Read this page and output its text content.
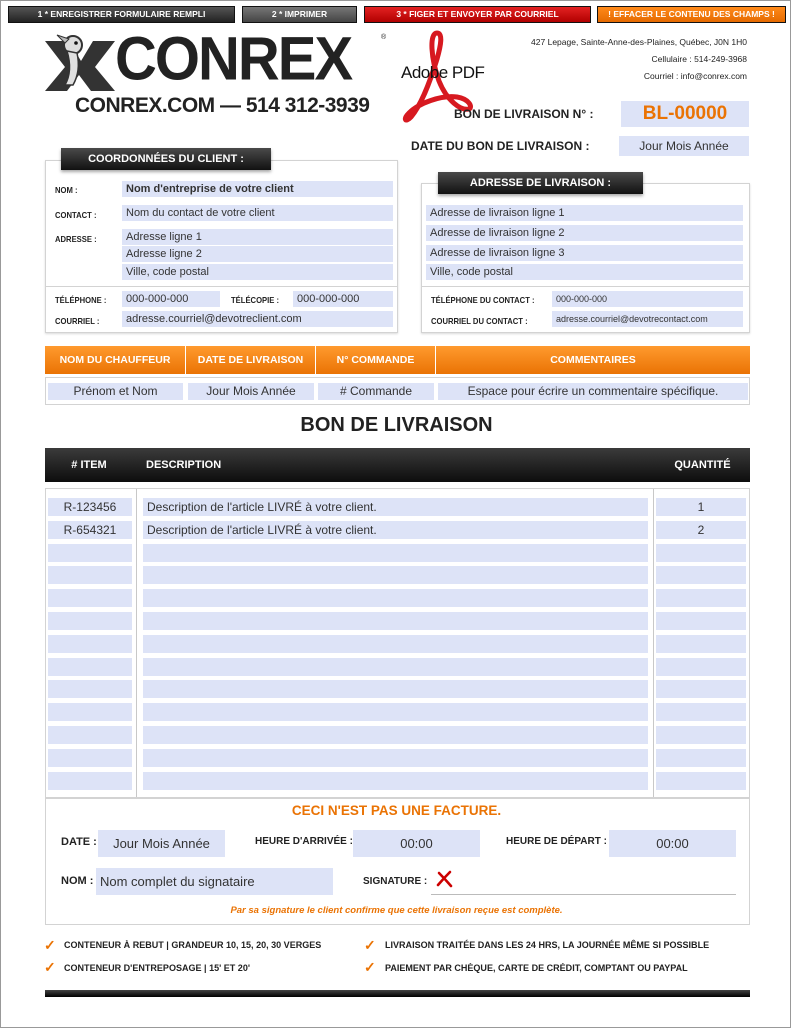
1 * ENREGISTRER FORMULAIRE REMPLI	2 * IMPRIMER	3 * FIGER ET ENVOYER PAR COURRIEL	! EFFACER LE CONTENU DES CHAMPS !
CONREX	®
CONREX.COM — 514 312-3939
Adobe PDF
427 Lepage, Sainte-Anne-des-Plaines, Québec, J0N 1H0
Cellulaire : 514-249-3968
Courriel : info@conrex.com
BON DE LIVRAISON N° :	BL-00000
DATE DU BON DE LIVRAISON :	Jour Mois Année
COORDONNÉES DU CLIENT :
NOM :	Nom d'entreprise de votre client
CONTACT :	Nom du contact de votre client
ADRESSE :	Adresse ligne 1
Adresse ligne 2
Ville, code postal
TÉLÉPHONE :	000-000-000	TÉLÉCOPIE :	000-000-000
COURRIEL :	adresse.courriel@devotreclient.com
ADRESSE DE LIVRAISON :
Adresse de livraison ligne 1
Adresse de livraison ligne 2
Adresse de livraison ligne 3
Ville, code postal
TÉLÉPHONE DU CONTACT :	000-000-000
COURRIEL DU CONTACT :	adresse.courriel@devotrecontact.com
NOM DU CHAUFFEUR	DATE DE LIVRAISON	N° COMMANDE	COMMENTAIRES
Prénom et Nom	Jour Mois Année	# Commande	Espace pour écrire un commentaire spécifique.
BON DE LIVRAISON
# ITEM	DESCRIPTION	QUANTITÉ
R-123456	Description de l'article LIVRÉ à votre client.	1
R-654321	Description de l'article LIVRÉ à votre client.	2
CECI N'EST PAS UNE FACTURE.
DATE :	Jour Mois Année	HEURE D'ARRIVÉE :	00:00	HEURE DE DÉPART :	00:00
NOM : Nom complet du signataire	SIGNATURE :
Par sa signature le client confirme que cette livraison reçue est complète.
✓ CONTENEUR À REBUT | GRANDEUR 10, 15, 20, 30 VERGES	✓ LIVRAISON TRAITÉE DANS LES 24 HRS, LA JOURNÉE MÊME SI POSSIBLE
✓ CONTENEUR D'ENTREPOSAGE | 15' ET 20'	✓ PAIEMENT PAR CHÈQUE, CARTE DE CRÉDIT, COMPTANT OU PAYPAL
